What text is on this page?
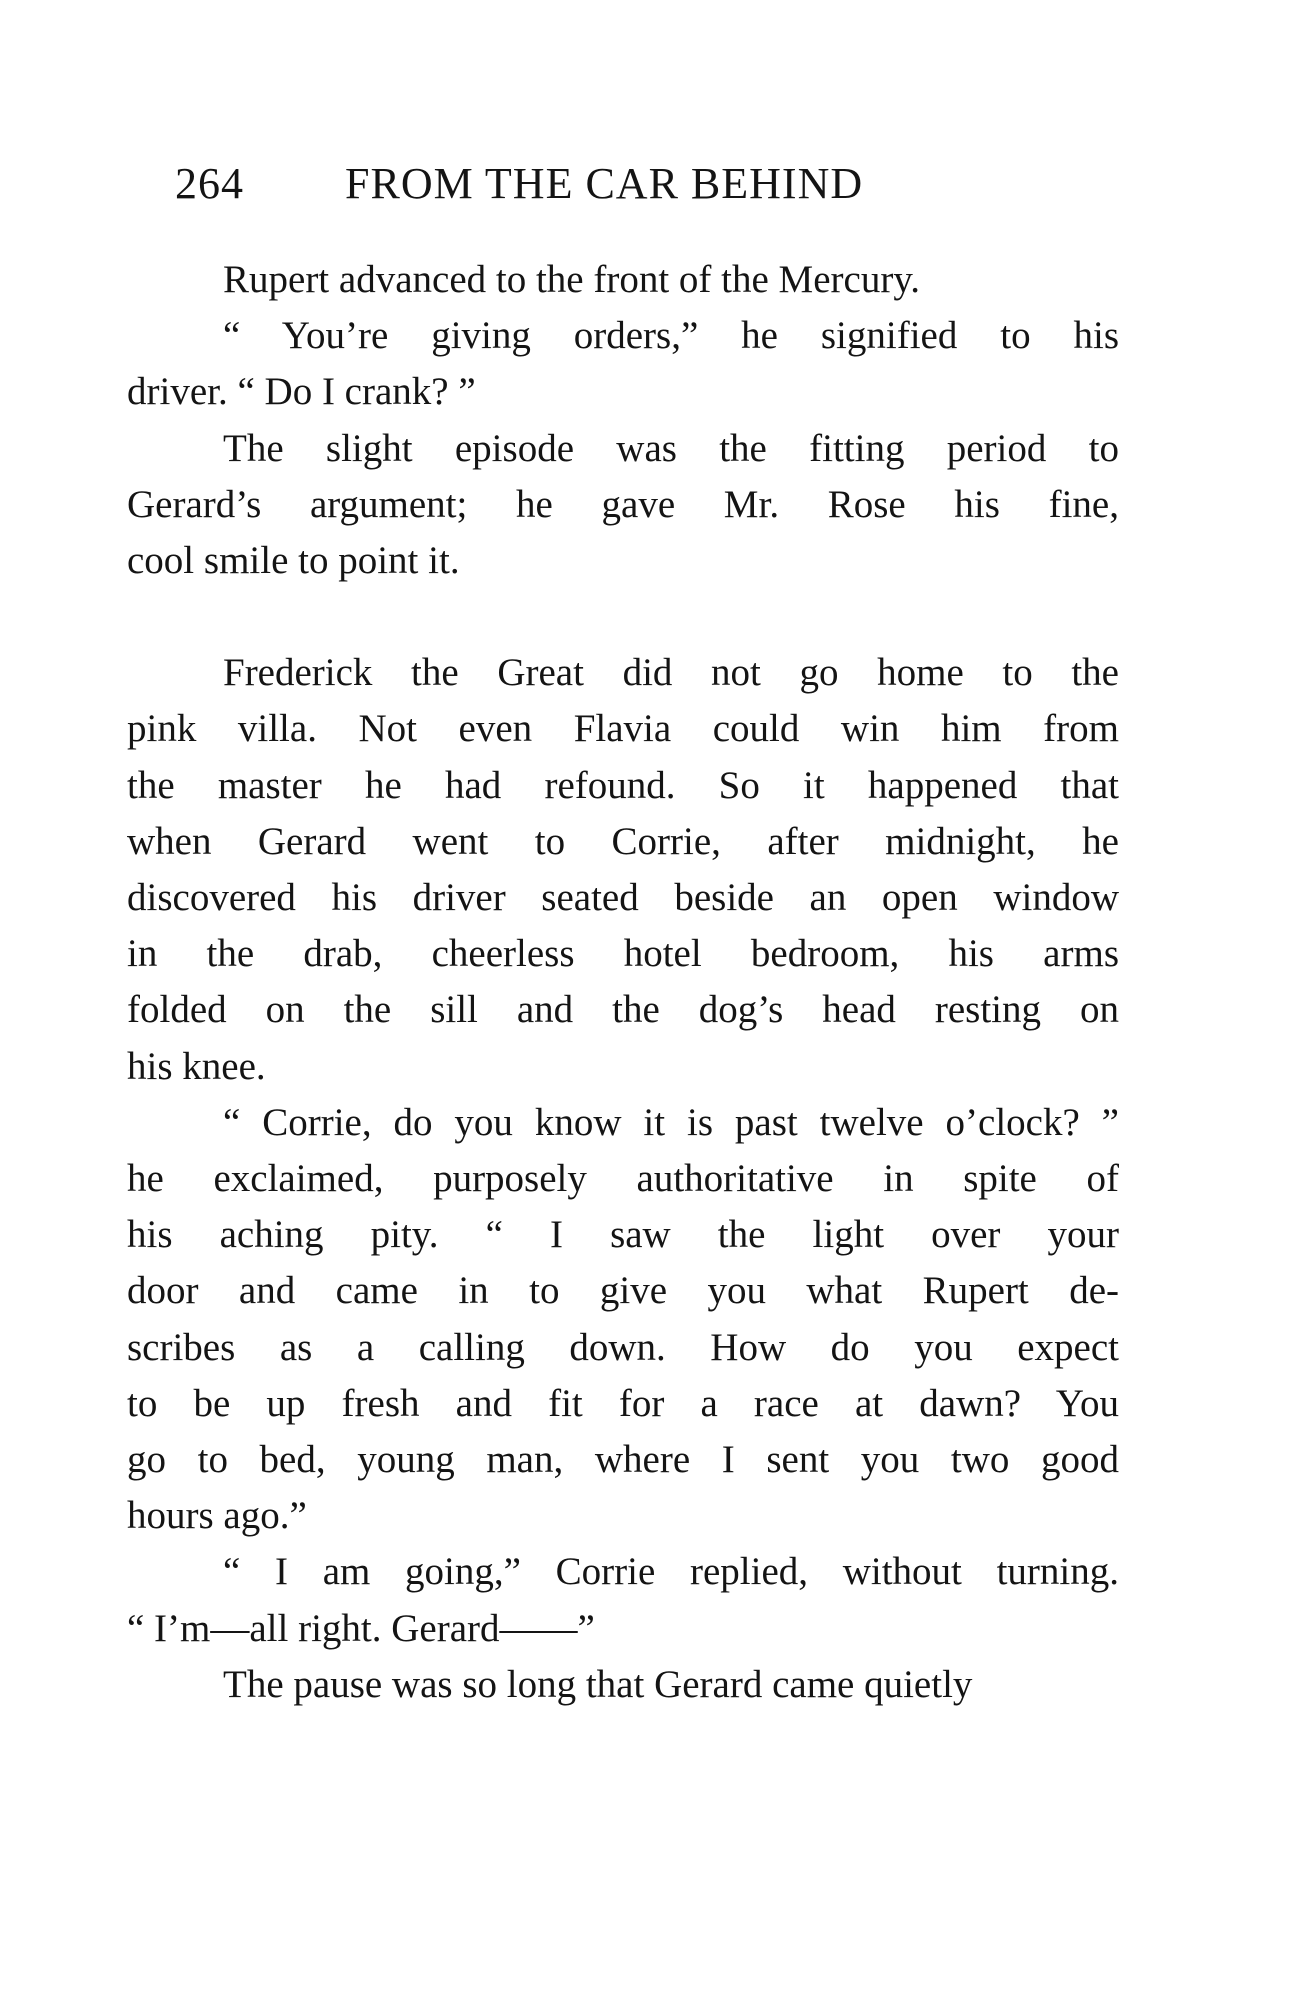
264 FROM THE CAR BEHIND
Rupert advanced to the front of the Mercury.
“ You’re giving orders,” he signified to his
driver. “ Do I crank? ”
The slight episode was the fitting period to
Gerard’s argument; he gave Mr. Rose his fine,
cool smile to point it.
Frederick the Great did not go home to the
pink villa. Not even Flavia could win him from
the master he had refound. So it happened that
when Gerard went to Corrie, after midnight, he
discovered his driver seated beside an open window
in the drab, cheerless hotel bedroom, his arms
folded on the sill and the dog’s head resting on
his knee.
“ Corrie, do you know it is past twelve o’clock? ”
he exclaimed, purposely authoritative in spite of
his aching pity. “ I saw the light over your
door and came in to give you what Rupert de-
scribes as a calling down. How do you expect
to be up fresh and fit for a race at dawn? You
go to bed, young man, where I sent you two good
hours ago.”
“ I am going,” Corrie replied, without turning.
“ I’m—all right. Gerard——”
The pause was so long that Gerard came quietly
